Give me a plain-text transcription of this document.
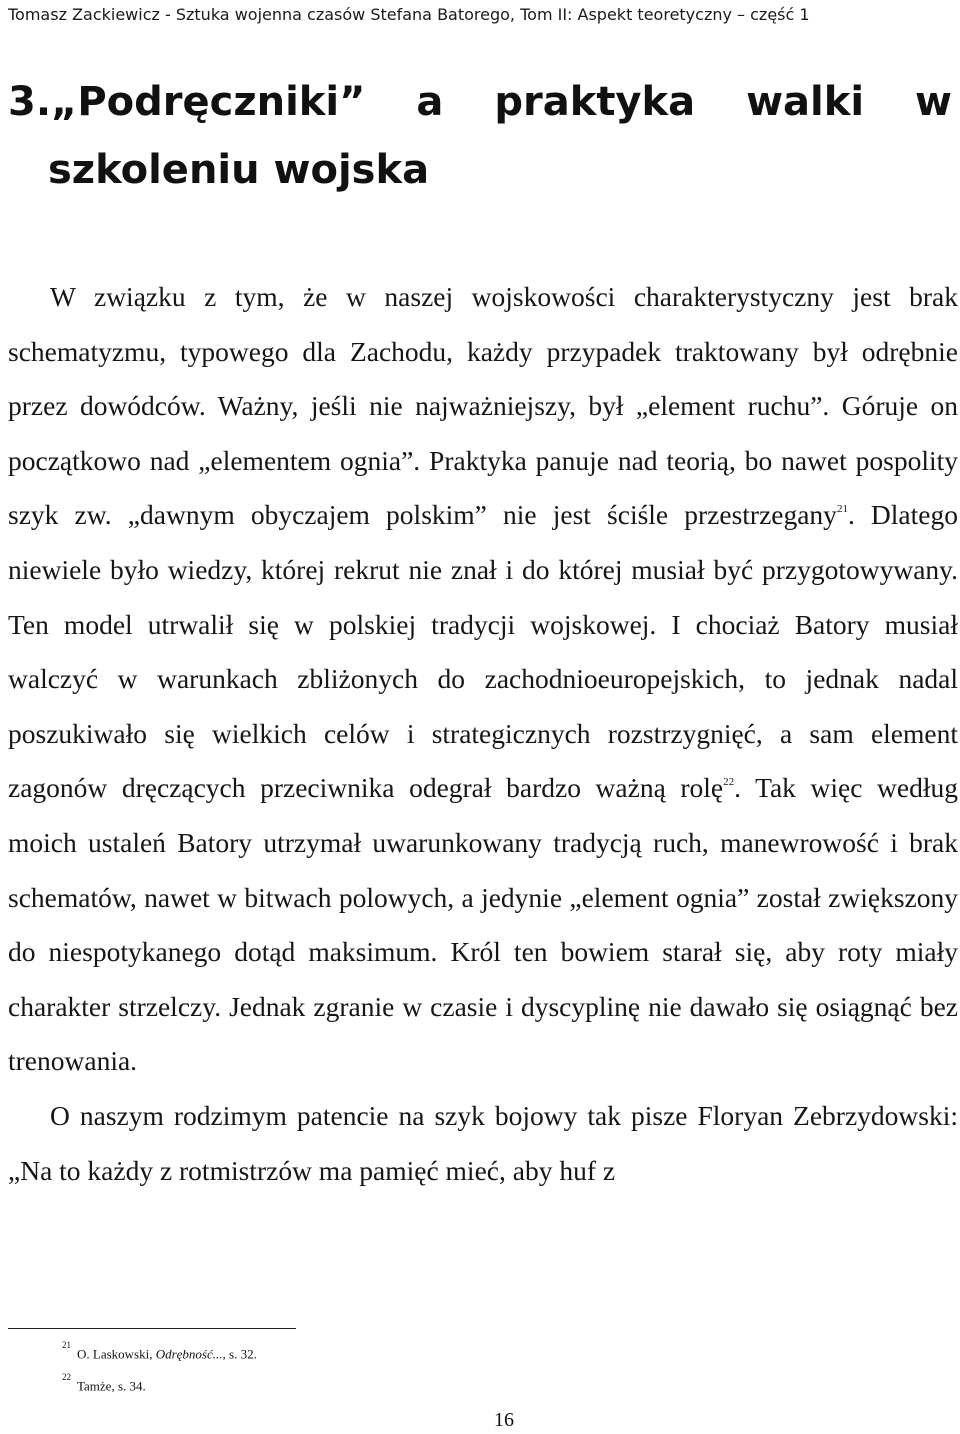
Tomasz Zackiewicz - Sztuka wojenna czasów Stefana Batorego, Tom II: Aspekt teoretyczny – część 1
3.„Podręczniki” a praktyka walki w
szkoleniu wojska

W związku z tym, że w naszej wojskowości charakterystyczny jest brak schematyzmu, typowego dla Zachodu, każdy przypadek traktowany był odrębnie przez dowódców. Ważny, jeśli nie najważniejszy, był „element ruchu”. Góruje on początkowo nad „elementem ognia”. Praktyka panuje nad teorią, bo nawet pospolity szyk zw. „dawnym obyczajem polskim” nie jest ściśle przestrzegany$^{21}$. Dlatego niewiele było wiedzy, której rekrut nie znał i do której musiał być przygotowywany. Ten model utrwalił się w polskiej tradycji wojskowej. I chociaż Batory musiał walczyć w warunkach zbliżonych do zachodnioeuropejskich, to jednak nadal poszukiwało się wielkich celów i strategicznych rozstrzygnięć, a sam element zagonów dręczących przeciwnika odegrał bardzo ważną rolę$^{22}$. Tak więc według moich ustaleń Batory utrzymał uwarunkowany tradycją ruch, manewrowość i brak schematów, nawet w bitwach polowych, a jedynie „element ognia” został zwiększony do niespotykanego dotąd maksimum. Król ten bowiem starał się, aby roty miały charakter strzelczy. Jednak zgranie w czasie i dyscyplinę nie dawało się osiągnąć bez trenowania.

O naszym rodzimym patencie na szyk bojowy tak pisze Floryan Zebrzydowski: „Na to każdy z rotmistrzów ma pamięć mieć, aby huf z

$^{21}$O. Laskowski, Odrębność..., s. 32.
$^{22}$Tamże, s. 34.
16
